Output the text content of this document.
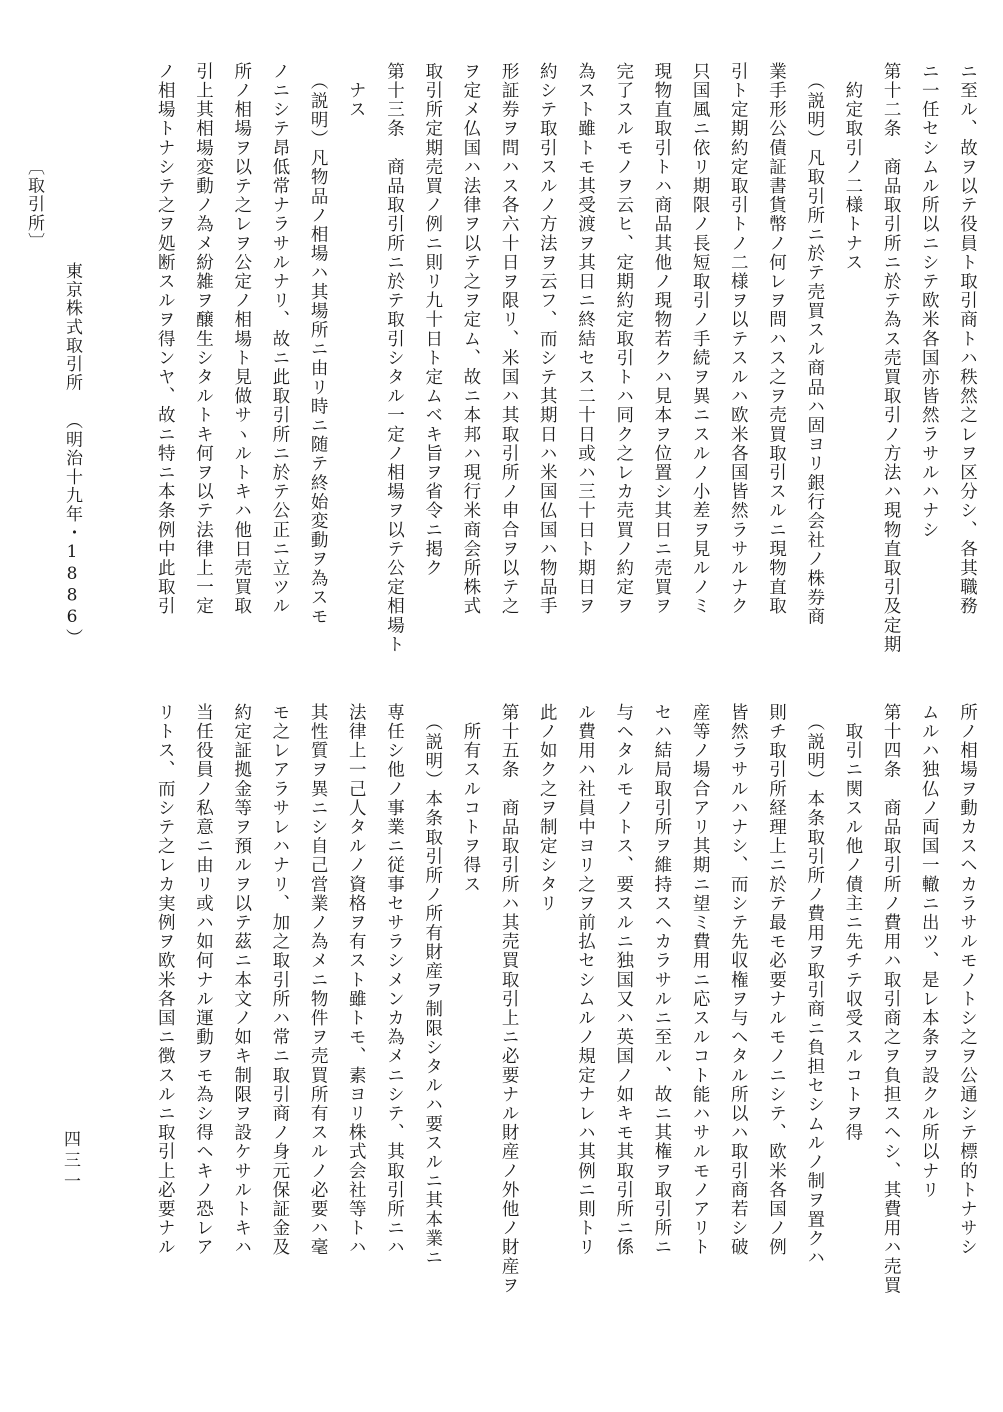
ニ至ル、故ヲ以テ役員ト取引商トハ秩然之レヲ区分シ、各其職務
ニ一任セシムル所以ニシテ欧米各国亦皆然ラサルハナシ
第十二条　商品取引所ニ於テ為ス売買取引ノ方法ハ現物直取引及定期
　約定取引ノ二様トナス
　（説明）凡取引所ニ於テ売買スル商品ハ固ヨリ銀行会社ノ株券商
業手形公債証書貨幣ノ何レヲ問ハス之ヲ売買取引スルニ現物直取
引ト定期約定取引トノ二様ヲ以テスルハ欧米各国皆然ラサルナク
只国風ニ依リ期限ノ長短取引ノ手続ヲ異ニスルノ小差ヲ見ルノミ
現物直取引トハ商品其他ノ現物若クハ見本ヲ位置シ其日ニ売買ヲ
完了スルモノヲ云ヒ、定期約定取引トハ同ク之レカ売買ノ約定ヲ
為スト雖トモ其受渡ヲ其日ニ終結セス二十日或ハ三十日ト期日ヲ
約シテ取引スルノ方法ヲ云フ、而シテ其期日ハ米国仏国ハ物品手
形証券ヲ問ハス各六十日ヲ限リ、米国ハ其取引所ノ申合ヲ以テ之
ヲ定メ仏国ハ法律ヲ以テ之ヲ定ム、故ニ本邦ハ現行米商会所株式
取引所定期売買ノ例ニ則リ九十日ト定ムベキ旨ヲ省令ニ掲ク
第十三条　商品取引所ニ於テ取引シタル一定ノ相場ヲ以テ公定相場ト
　ナス
　（説明）凡物品ノ相場ハ其場所ニ由リ時ニ随テ終始変動ヲ為スモ
ノニシテ昂低常ナラサルナリ、故ニ此取引所ニ於テ公正ニ立ツル
所ノ相場ヲ以テ之レヲ公定ノ相場ト見做サヽルトキハ他日売買取
引上其相場変動ノ為メ紛雑ヲ醸生シタルトキ何ヲ以テ法律上一定
ノ相場トナシテ之ヲ処断スルヲ得ンヤ、故ニ特ニ本条例中此取引
所ノ相場ヲ動カスヘカラサルモノトシ之ヲ公通シテ標的トナサシ
ムルハ独仏ノ両国一轍ニ出ツ、是レ本条ヲ設クル所以ナリ
第十四条　商品取引所ノ費用ハ取引商之ヲ負担スヘシ、其費用ハ売買
　取引ニ関スル他ノ債主ニ先チテ収受スルコトヲ得
　（説明）本条取引所ノ費用ヲ取引商ニ負担セシムルノ制ヲ置クハ
則チ取引所経理上ニ於テ最モ必要ナルモノニシテ、欧米各国ノ例
皆然ラサルハナシ、而シテ先収権ヲ与ヘタル所以ハ取引商若シ破
産等ノ場合アリ其期ニ望ミ費用ニ応スルコト能ハサルモノアリト
セハ結局取引所ヲ維持スヘカラサルニ至ル、故ニ其権ヲ取引所ニ
与ヘタルモノトス、要スルニ独国又ハ英国ノ如キモ其取引所ニ係
ル費用ハ社員中ヨリ之ヲ前払セシムルノ規定ナレハ其例ニ則トリ
此ノ如ク之ヲ制定シタリ
第十五条　商品取引所ハ其売買取引上ニ必要ナル財産ノ外他ノ財産ヲ
　所有スルコトヲ得ス
　（説明）本条取引所ノ所有財産ヲ制限シタルハ要スルニ其本業ニ
専任シ他ノ事業ニ従事セサラシメンカ為メニシテ、其取引所ニハ
法律上一己人タルノ資格ヲ有スト雖トモ、素ヨリ株式会社等トハ
其性質ヲ異ニシ自己営業ノ為メニ物件ヲ売買所有スルノ必要ハ毫
モ之レアラサレハナリ、加之取引所ハ常ニ取引商ノ身元保証金及
約定証拠金等ヲ預ルヲ以テ茲ニ本文ノ如キ制限ヲ設ケサルトキハ
当任役員ノ私意ニ由リ或ハ如何ナル運動ヲモ為シ得ヘキノ恐レア
リトス、而シテ之レカ実例ヲ欧米各国ニ徴スルニ取引上必要ナル
〔取引所〕
東京株式取引所
（明治十九年・1886）
四三一
